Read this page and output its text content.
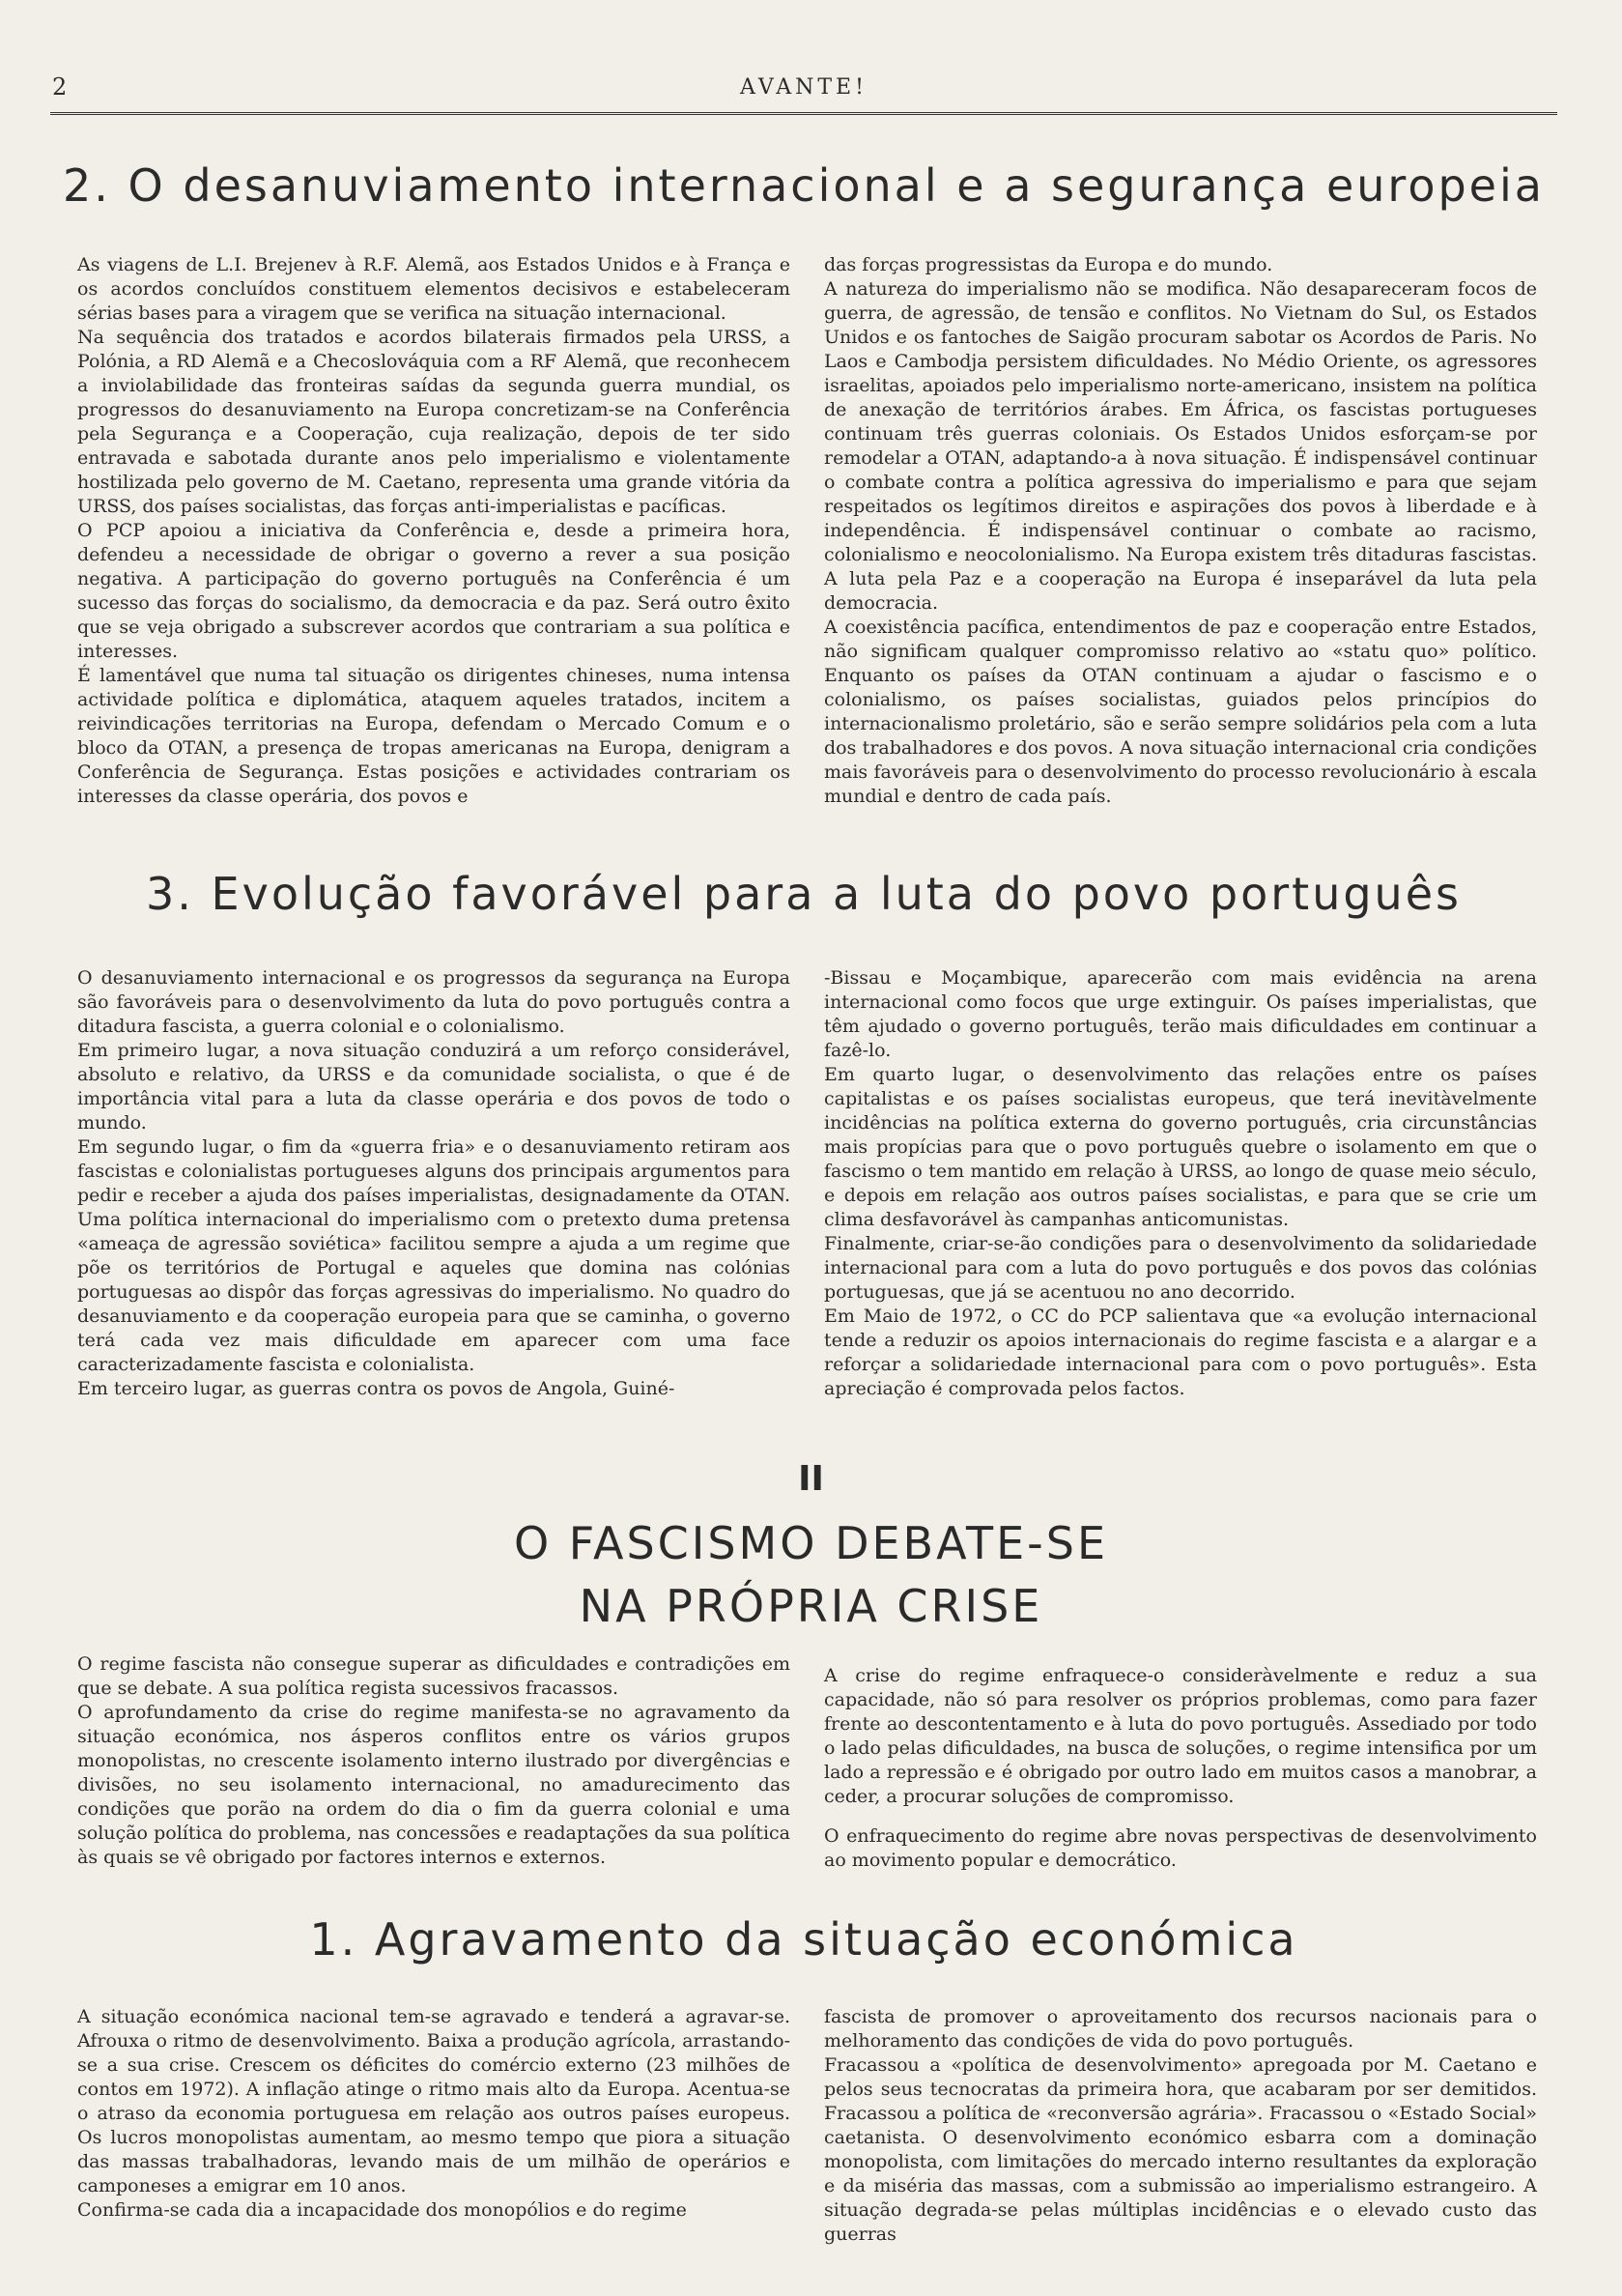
2	AVANTE!
2. O desanuviamento internacional e a segurança europeia

As viagens de L.I. Brejenev à R.F. Alemã, aos Estados Unidos e à França e os acordos concluídos constituem elementos decisivos e estabeleceram sérias bases para a viragem que se verifica na situação internacional.

Na sequência dos tratados e acordos bilaterais firmados pela URSS, a Polónia, a RD Alemã e a Checoslováquia com a RF Alemã, que reconhecem a inviolabilidade das fronteiras saídas da segunda guerra mundial, os progressos do desanuviamento na Europa concretizam-se na Conferência pela Segurança e a Cooperação, cuja realização, depois de ter sido entravada e sabotada durante anos pelo imperialismo e violentamente hostilizada pelo governo de M. Caetano, representa uma grande vitória da URSS, dos países socialistas, das forças anti-imperialistas e pacíficas.

O PCP apoiou a iniciativa da Conferência e, desde a primeira hora, defendeu a necessidade de obrigar o governo a rever a sua posição negativa. A participação do governo português na Conferência é um sucesso das forças do socialismo, da democracia e da paz. Será outro êxito que se veja obrigado a subscrever acordos que contrariam a sua política e interesses.

É lamentável que numa tal situação os dirigentes chineses, numa intensa actividade política e diplomática, ataquem aqueles tratados, incitem a reivindicações territorias na Europa, defendam o Mercado Comum e o bloco da OTAN, a presença de tropas americanas na Europa, denigram a Conferência de Segurança. Estas posições e actividades contrariam os interesses da classe operária, dos povos e

das forças progressistas da Europa e do mundo.

A natureza do imperialismo não se modifica. Não desapareceram focos de guerra, de agressão, de tensão e conflitos. No Vietnam do Sul, os Estados Unidos e os fantoches de Saigão procuram sabotar os Acordos de Paris. No Laos e Cambodja persistem dificuldades. No Médio Oriente, os agressores israelitas, apoiados pelo imperialismo norte-americano, insistem na política de anexação de territórios árabes. Em África, os fascistas portugueses continuam três guerras coloniais. Os Estados Unidos esforçam-se por remodelar a OTAN, adaptando-a à nova situação. É indispensável continuar o combate contra a política agressiva do imperialismo e para que sejam respeitados os legítimos direitos e aspirações dos povos à liberdade e à independência. É indispensável continuar o combate ao racismo, colonialismo e neocolonialismo. Na Europa existem três ditaduras fascistas. A luta pela Paz e a cooperação na Europa é inseparável da luta pela democracia.

A coexistência pacífica, entendimentos de paz e cooperação entre Estados, não significam qualquer compromisso relativo ao «statu quo» político. Enquanto os países da OTAN continuam a ajudar o fascismo e o colonialismo, os países socialistas, guiados pelos princípios do internacionalismo proletário, são e serão sempre solidários pela com a luta dos trabalhadores e dos povos. A nova situação internacional cria condições mais favoráveis para o desenvolvimento do processo revolucionário à escala mundial e dentro de cada país.

3. Evolução favorável para a luta do povo português

O desanuviamento internacional e os progressos da segurança na Europa são favoráveis para o desenvolvimento da luta do povo português contra a ditadura fascista, a guerra colonial e o colonialismo.

Em primeiro lugar, a nova situação conduzirá a um reforço considerável, absoluto e relativo, da URSS e da comunidade socialista, o que é de importância vital para a luta da classe operária e dos povos de todo o mundo.

Em segundo lugar, o fim da «guerra fria» e o desanuviamento retiram aos fascistas e colonialistas portugueses alguns dos principais argumentos para pedir e receber a ajuda dos países imperialistas, designadamente da OTAN. Uma política internacional do imperialismo com o pretexto duma pretensa «ameaça de agressão soviética» facilitou sempre a ajuda a um regime que põe os territórios de Portugal e aqueles que domina nas colónias portuguesas ao dispôr das forças agressivas do imperialismo. No quadro do desanuviamento e da cooperação europeia para que se caminha, o governo terá cada vez mais dificuldade em aparecer com uma face caracterizadamente fascista e colonialista.

Em terceiro lugar, as guerras contra os povos de Angola, Guiné-

-Bissau e Moçambique, aparecerão com mais evidência na arena internacional como focos que urge extinguir. Os países imperialistas, que têm ajudado o governo português, terão mais dificuldades em continuar a fazê-lo.

Em quarto lugar, o desenvolvimento das relações entre os países capitalistas e os países socialistas europeus, que terá inevitàvelmente incidências na política externa do governo português, cria circunstâncias mais propícias para que o povo português quebre o isolamento em que o fascismo o tem mantido em relação à URSS, ao longo de quase meio século, e depois em relação aos outros países socialistas, e para que se crie um clima desfavorável às campanhas anticomunistas.

Finalmente, criar-se-ão condições para o desenvolvimento da solidariedade internacional para com a luta do povo português e dos povos das colónias portuguesas, que já se acentuou no ano decorrido.

Em Maio de 1972, o CC do PCP salientava que «a evolução internacional tende a reduzir os apoios internacionais do regime fascista e a alargar e a reforçar a solidariedade internacional para com o povo português». Esta apreciação é comprovada pelos factos.

II
O FASCISMO DEBATE-SE
NA PRÓPRIA CRISE

O regime fascista não consegue superar as dificuldades e contradições em que se debate. A sua política regista sucessivos fracassos.

O aprofundamento da crise do regime manifesta-se no agravamento da situação económica, nos ásperos conflitos entre os vários grupos monopolistas, no crescente isolamento interno ilustrado por divergências e divisões, no seu isolamento internacional, no amadurecimento das condições que porão na ordem do dia o fim da guerra colonial e uma solução política do problema, nas concessões e readaptações da sua política às quais se vê obrigado por factores internos e externos.

A crise do regime enfraquece-o consideràvelmente e reduz a sua capacidade, não só para resolver os próprios problemas, como para fazer frente ao descontentamento e à luta do povo português. Assediado por todo o lado pelas dificuldades, na busca de soluções, o regime intensifica por um lado a repressão e é obrigado por outro lado em muitos casos a manobrar, a ceder, a procurar soluções de compromisso.

O enfraquecimento do regime abre novas perspectivas de desenvolvimento ao movimento popular e democrático.

1. Agravamento da situação económica

A situação económica nacional tem-se agravado e tenderá a agravar-se. Afrouxa o ritmo de desenvolvimento. Baixa a produção agrícola, arrastando-se a sua crise. Crescem os déficites do comércio externo (23 milhões de contos em 1972). A inflação atinge o ritmo mais alto da Europa. Acentua-se o atraso da economia portuguesa em relação aos outros países europeus. Os lucros monopolistas aumentam, ao mesmo tempo que piora a situação das massas trabalhadoras, levando mais de um milhão de operários e camponeses a emigrar em 10 anos.

Confirma-se cada dia a incapacidade dos monopólios e do regime

fascista de promover o aproveitamento dos recursos nacionais para o melhoramento das condições de vida do povo português.

Fracassou a «política de desenvolvimento» apregoada por M. Caetano e pelos seus tecnocratas da primeira hora, que acabaram por ser demitidos. Fracassou a política de «reconversão agrária». Fracassou o «Estado Social» caetanista. O desenvolvimento económico esbarra com a dominação monopolista, com limitações do mercado interno resultantes da exploração e da miséria das massas, com a submissão ao imperialismo estrangeiro. A situação degrada-se pelas múltiplas incidências e o elevado custo das guerras
